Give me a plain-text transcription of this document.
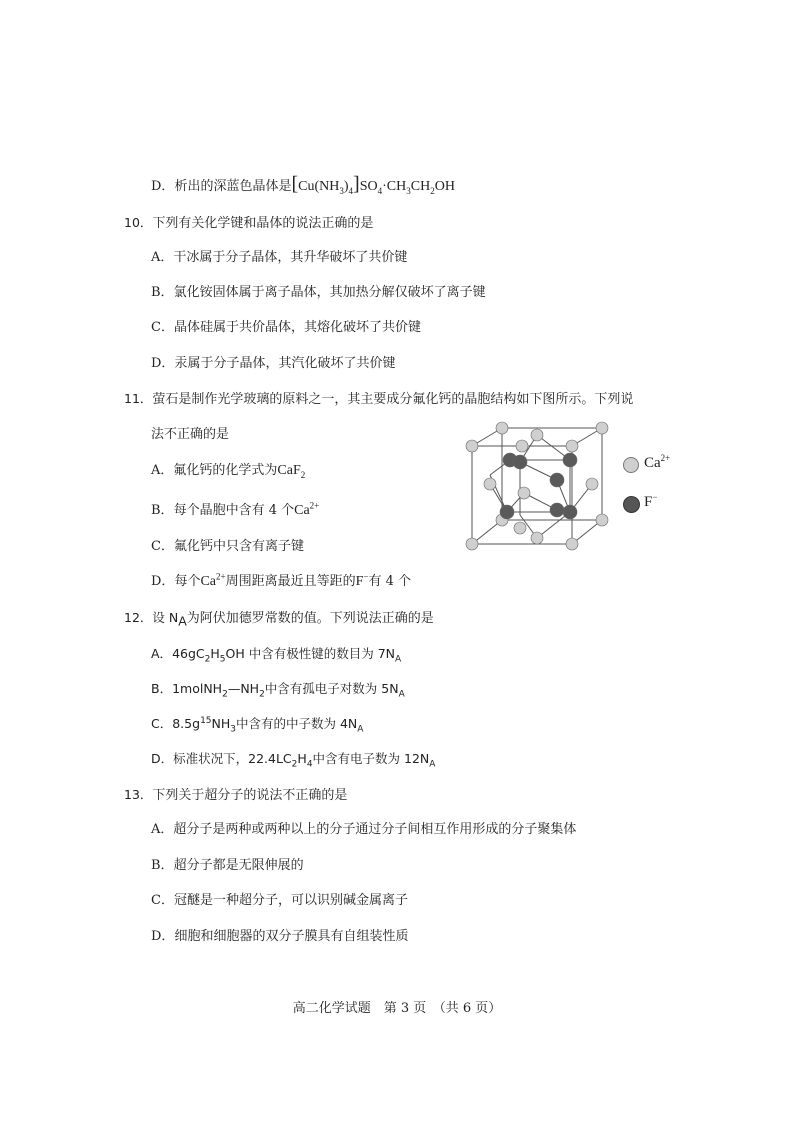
D．析出的深蓝色晶体是$[Cu(NH_3)_4]SO_4\cdot CH_3CH_2OH$
10．下列有关化学键和晶体的说法正确的是
A．干冰属于分子晶体，其升华破坏了共价键
B．氯化铵固体属于离子晶体，其加热分解仅破坏了离子键
C．晶体硅属于共价晶体，其熔化破坏了共价键
D．汞属于分子晶体，其汽化破坏了共价键
11．萤石是制作光学玻璃的原料之一，其主要成分氟化钙的晶胞结构如下图所示。下列说
法不正确的是
A．氟化钙的化学式为CaF$_2$
B．每个晶胞中含有 4 个$Ca^{2+}$
C．氟化钙中只含有离子键
D．每个$Ca^{2+}$周围距离最近且等距的F−有 4 个
$Ca^{2+}$
F−
12．设 $N_A$为阿伏加德罗常数的值。下列说法正确的是
A．$46gC_2H_5OH$ 中含有极性键的数目为 $7N_A$
B．$1molNH_2—NH_2$中含有孤电子对数为 $5N_A$
C．$8.5g^{15}NH_3$中含有的中子数为 $4N_A$
D．标准状况下，$22.4LC_2H_4$中含有电子数为 $12N_A$
13．下列关于超分子的说法不正确的是
A．超分子是两种或两种以上的分子通过分子间相互作用形成的分子聚集体
B．超分子都是无限伸展的
C．冠醚是一种超分子，可以识别碱金属离子
D．细胞和细胞器的双分子膜具有自组装性质
高二化学试题　第 3 页　（共 6 页）
